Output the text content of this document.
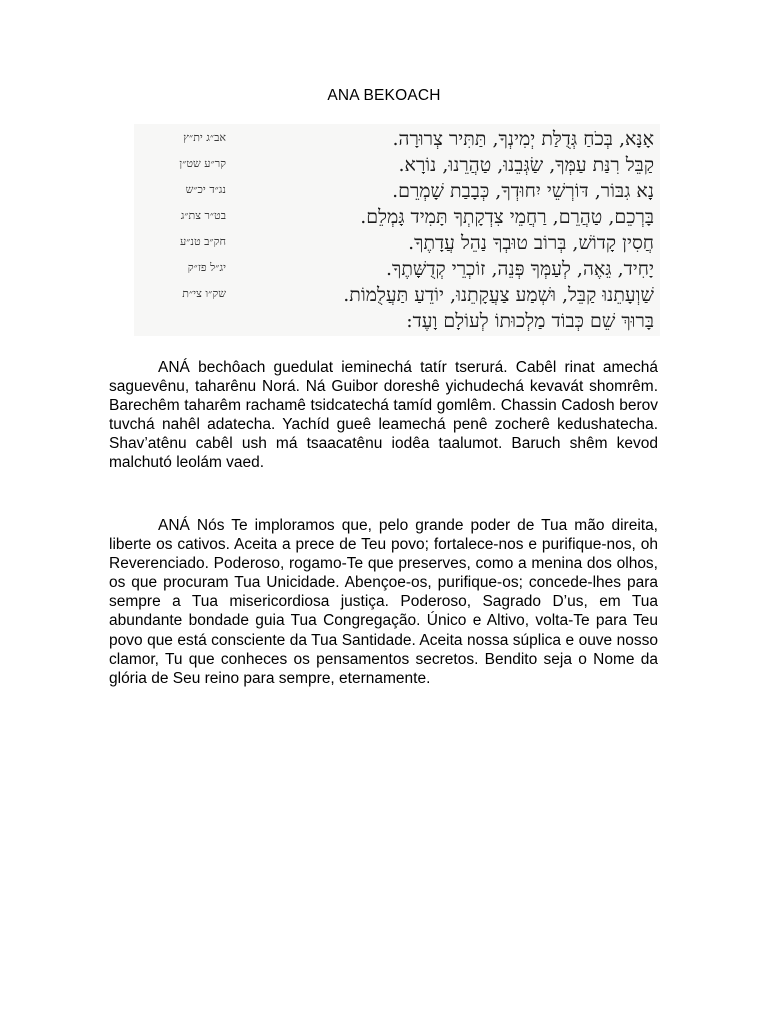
ANA BEKOACH
אב״ג ית״ץ	אָנָּא, בְּכֹחַ גְּדֻלַּת יְמִינְךָ, תַּתִּיר צְרוּרָה.
קר״ע שט״ן	קַבֵּל רִנַּת עַמְּךָ, שַׂגְּבֵנוּ, טַהֲרֵנוּ, נוֹרָא.
נג״ד יכ״ש	נָא גִבּוֹר, דּוֹרְשֵׁי יִחוּדְךָ, כְּבָבַת שָׁמְרֵם.
בט״ר צת״ג	בָּרְכֵם, טַהֲרֵם, רַחֲמֵי צִדְקָתְךָ תָּמִיד גָּמְלֵם.
חק״ב טנ״ע	חֲסִין קָדוֹשׁ, בְּרוֹב טוּבְךָ נַהֵל עֲדָתֶךָ.
יג״ל פז״ק	יָחִיד, גֵּאֶה, לְעַמְּךָ פְּנֵה, זוֹכְרֵי קְדֻשָּׁתֶךָ.
שק״ו צי״ת	שַׁוְעָתֵנוּ קַבֵּל, וּשְׁמַע צַעֲקָתֵנוּ, יוֹדֵעַ תַּעֲלֻמוֹת.
בָּרוּךְ שֵׁם כְּבוֹד מַלְכוּתוֹ לְעוֹלָם וָעֶד:

ANÁ bechôach guedulat ieminechá tatír tserurá. Cabêl rinat amechá saguevênu, taharênu Norá. Ná Guibor doreshê yichudechá kevavát shomrêm. Barechêm taharêm rachamê tsidcatechá tamíd gomlêm. Chassin Cadosh berov tuvchá nahêl adatecha. Yachíd gueê leamechá penê zocherê kedushatecha. Shav’atênu cabêl ush má tsaacatênu iodêa taalumot. Baruch shêm kevod malchutó leolám vaed.

ANÁ Nós Te imploramos que, pelo grande poder de Tua mão direita, liberte os cativos. Aceita a prece de Teu povo; fortalece-nos e purifique-nos, oh Reverenciado. Poderoso, rogamo-Te que preserves, como a menina dos olhos, os que procuram Tua Unicidade. Abençoe-os, purifique-os; concede-lhes para sempre a Tua misericordiosa justiça. Poderoso, Sagrado D’us, em Tua abundante bondade guia Tua Congregação. Único e Altivo, volta-Te para Teu povo que está consciente da Tua Santidade. Aceita nossa súplica e ouve nosso clamor, Tu que conheces os pensamentos secretos. Bendito seja o Nome da glória de Seu reino para sempre, eternamente.
